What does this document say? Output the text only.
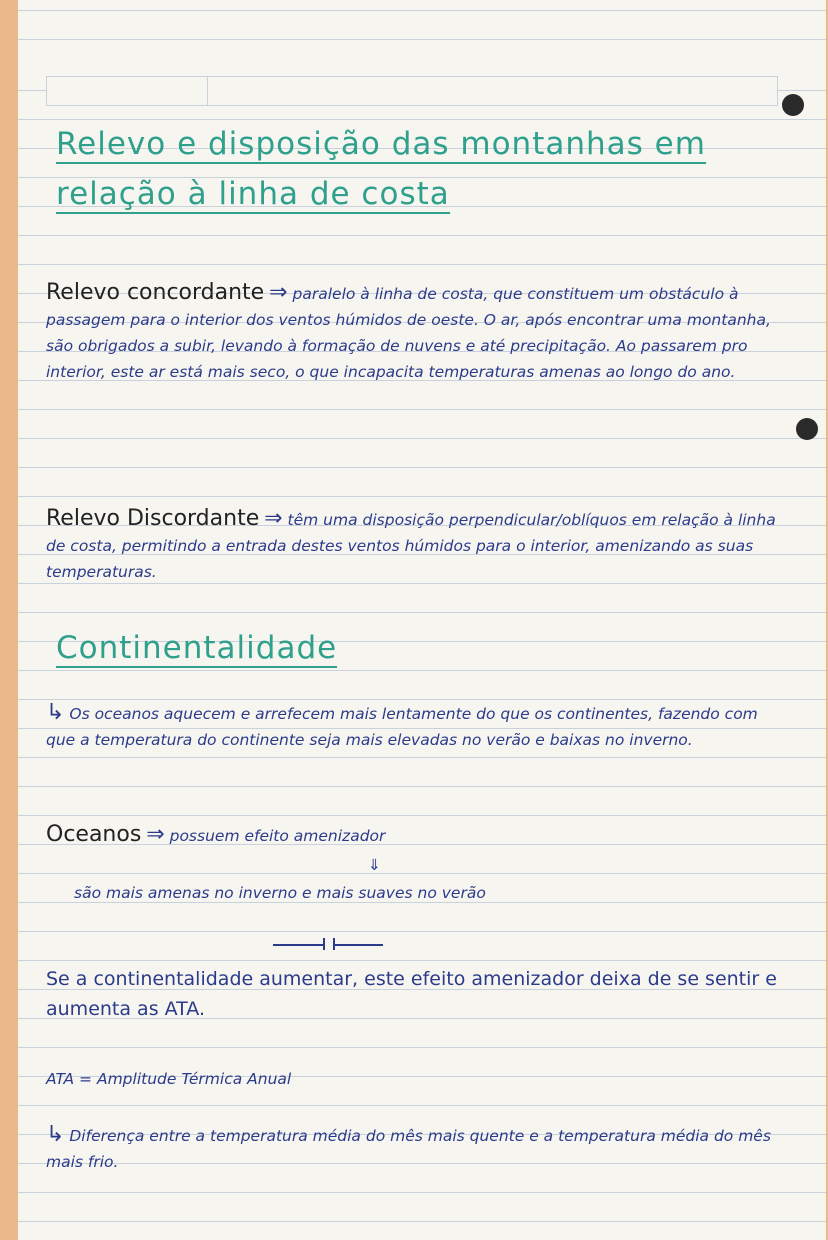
Relevo e disposição das montanhas em
relação à linha de costa
Relevo concordante ⇒ paralelo à linha de costa, que constituem um obstáculo à passagem para o interior dos ventos húmidos de oeste. O ar, após encontrar uma montanha, são obrigados a subir, levando à formação de nuvens e até precipitação. Ao passarem pro interior, este ar está mais seco, o que incapacita temperaturas amenas ao longo do ano.
Relevo Discordante ⇒ têm uma disposição perpendicular/oblíquos em relação à linha de costa, permitindo a entrada destes ventos húmidos para o interior, amenizando as suas temperaturas.
Continentalidade
↳ Os oceanos aquecem e arrefecem mais lentamente do que os continentes, fazendo com que a temperatura do continente seja mais elevadas no verão e baixas no inverno.
Oceanos ⇒ possuem efeito amenizador
⇓
são mais amenas no inverno e mais suaves no verão
Se a continentalidade aumentar, este efeito amenizador deixa de se sentir e aumenta as ATA.
ATA = Amplitude Térmica Anual
↳ Diferença entre a temperatura média do mês mais quente e a temperatura média do mês mais frio.
